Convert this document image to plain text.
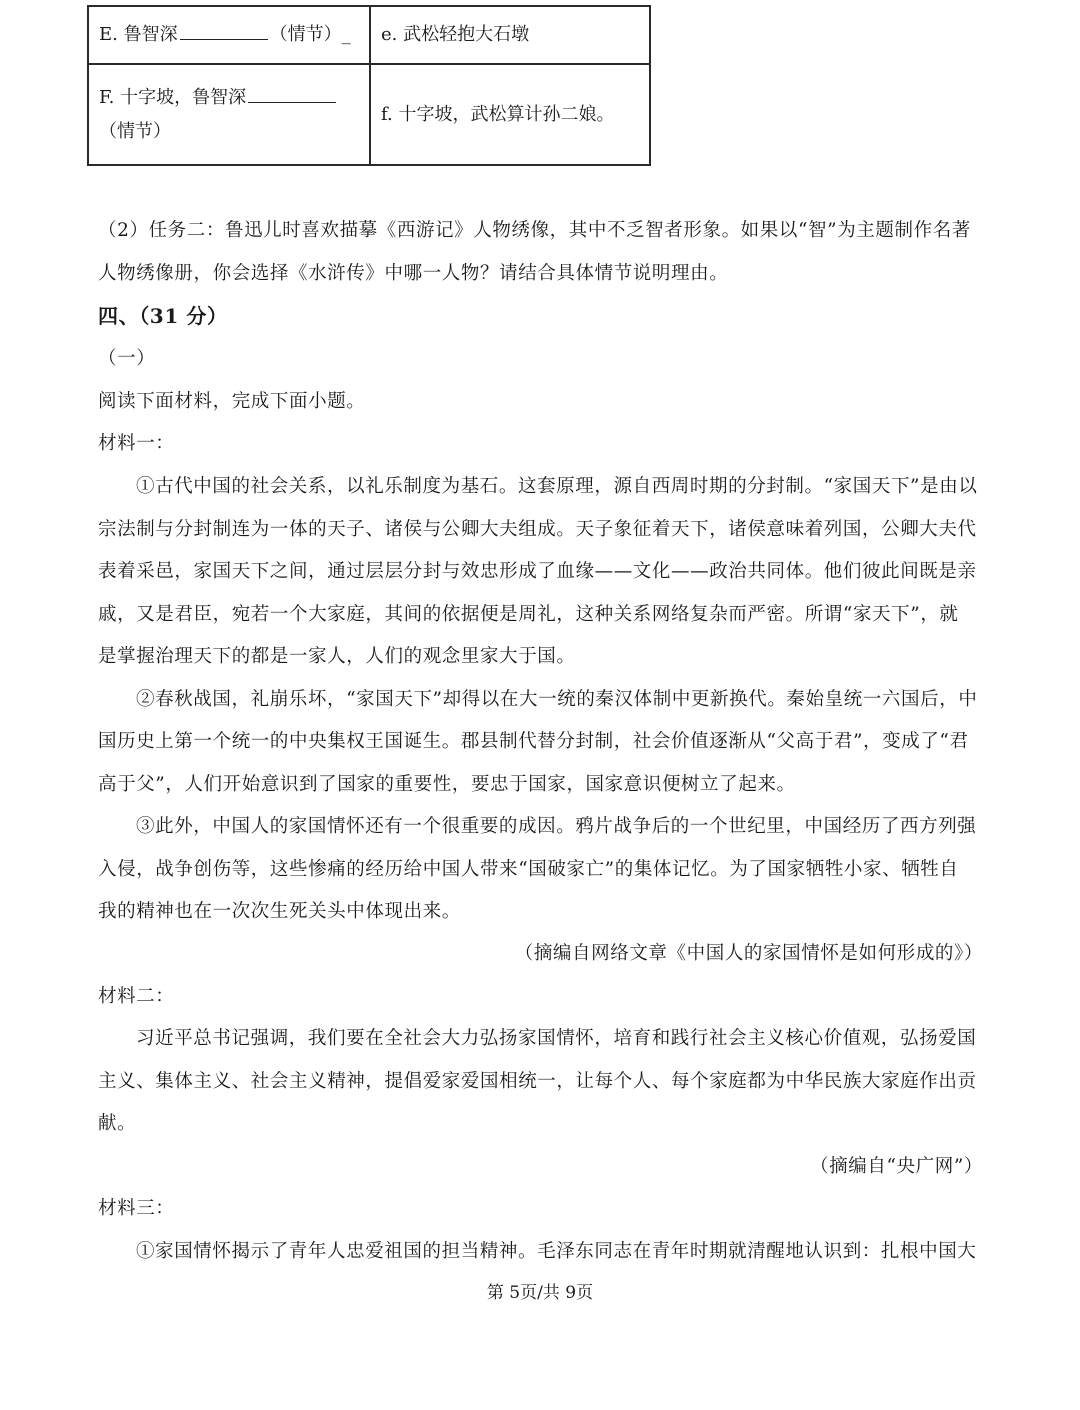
E. 鲁智深 （情节）_	e. 武松轻抱大石墩
F. 十字坡，鲁智深（情节）	f. 十字坡，武松算计孙二娘。
（2）任务二：鲁迅儿时喜欢描摹《西游记》人物绣像，其中不乏智者形象。如果以“智”为主题制作名著
人物绣像册，你会选择《水浒传》中哪一人物？请结合具体情节说明理由。
四、（31 分）
（一）
阅读下面材料，完成下面小题。
材料一：
①古代中国的社会关系，以礼乐制度为基石。这套原理，源自西周时期的分封制。“家国天下”是由以
宗法制与分封制连为一体的天子、诸侯与公卿大夫组成。天子象征着天下，诸侯意味着列国，公卿大夫代
表着采邑，家国天下之间，通过层层分封与效忠形成了血缘——文化——政治共同体。他们彼此间既是亲
戚，又是君臣，宛若一个大家庭，其间的依据便是周礼，这种关系网络复杂而严密。所谓“家天下”，就
是掌握治理天下的都是一家人，人们的观念里家大于国。
②春秋战国，礼崩乐坏，“家国天下”却得以在大一统的秦汉体制中更新换代。秦始皇统一六国后，中
国历史上第一个统一的中央集权王国诞生。郡县制代替分封制，社会价值逐渐从“父高于君”，变成了“君
高于父”，人们开始意识到了国家的重要性，要忠于国家，国家意识便树立了起来。
③此外，中国人的家国情怀还有一个很重要的成因。鸦片战争后的一个世纪里，中国经历了西方列强
入侵，战争创伤等，这些惨痛的经历给中国人带来“国破家亡”的集体记忆。为了国家牺牲小家、牺牲自
我的精神也在一次次生死关头中体现出来。
（摘编自网络文章《中国人的家国情怀是如何形成的》）
材料二：
习近平总书记强调，我们要在全社会大力弘扬家国情怀，培育和践行社会主义核心价值观，弘扬爱国
主义、集体主义、社会主义精神，提倡爱家爱国相统一，让每个人、每个家庭都为中华民族大家庭作出贡
献。
（摘编自“央广网”）
材料三：
①家国情怀揭示了青年人忠爱祖国的担当精神。毛泽东同志在青年时期就清醒地认识到：扎根中国大
第 5页/共 9页
